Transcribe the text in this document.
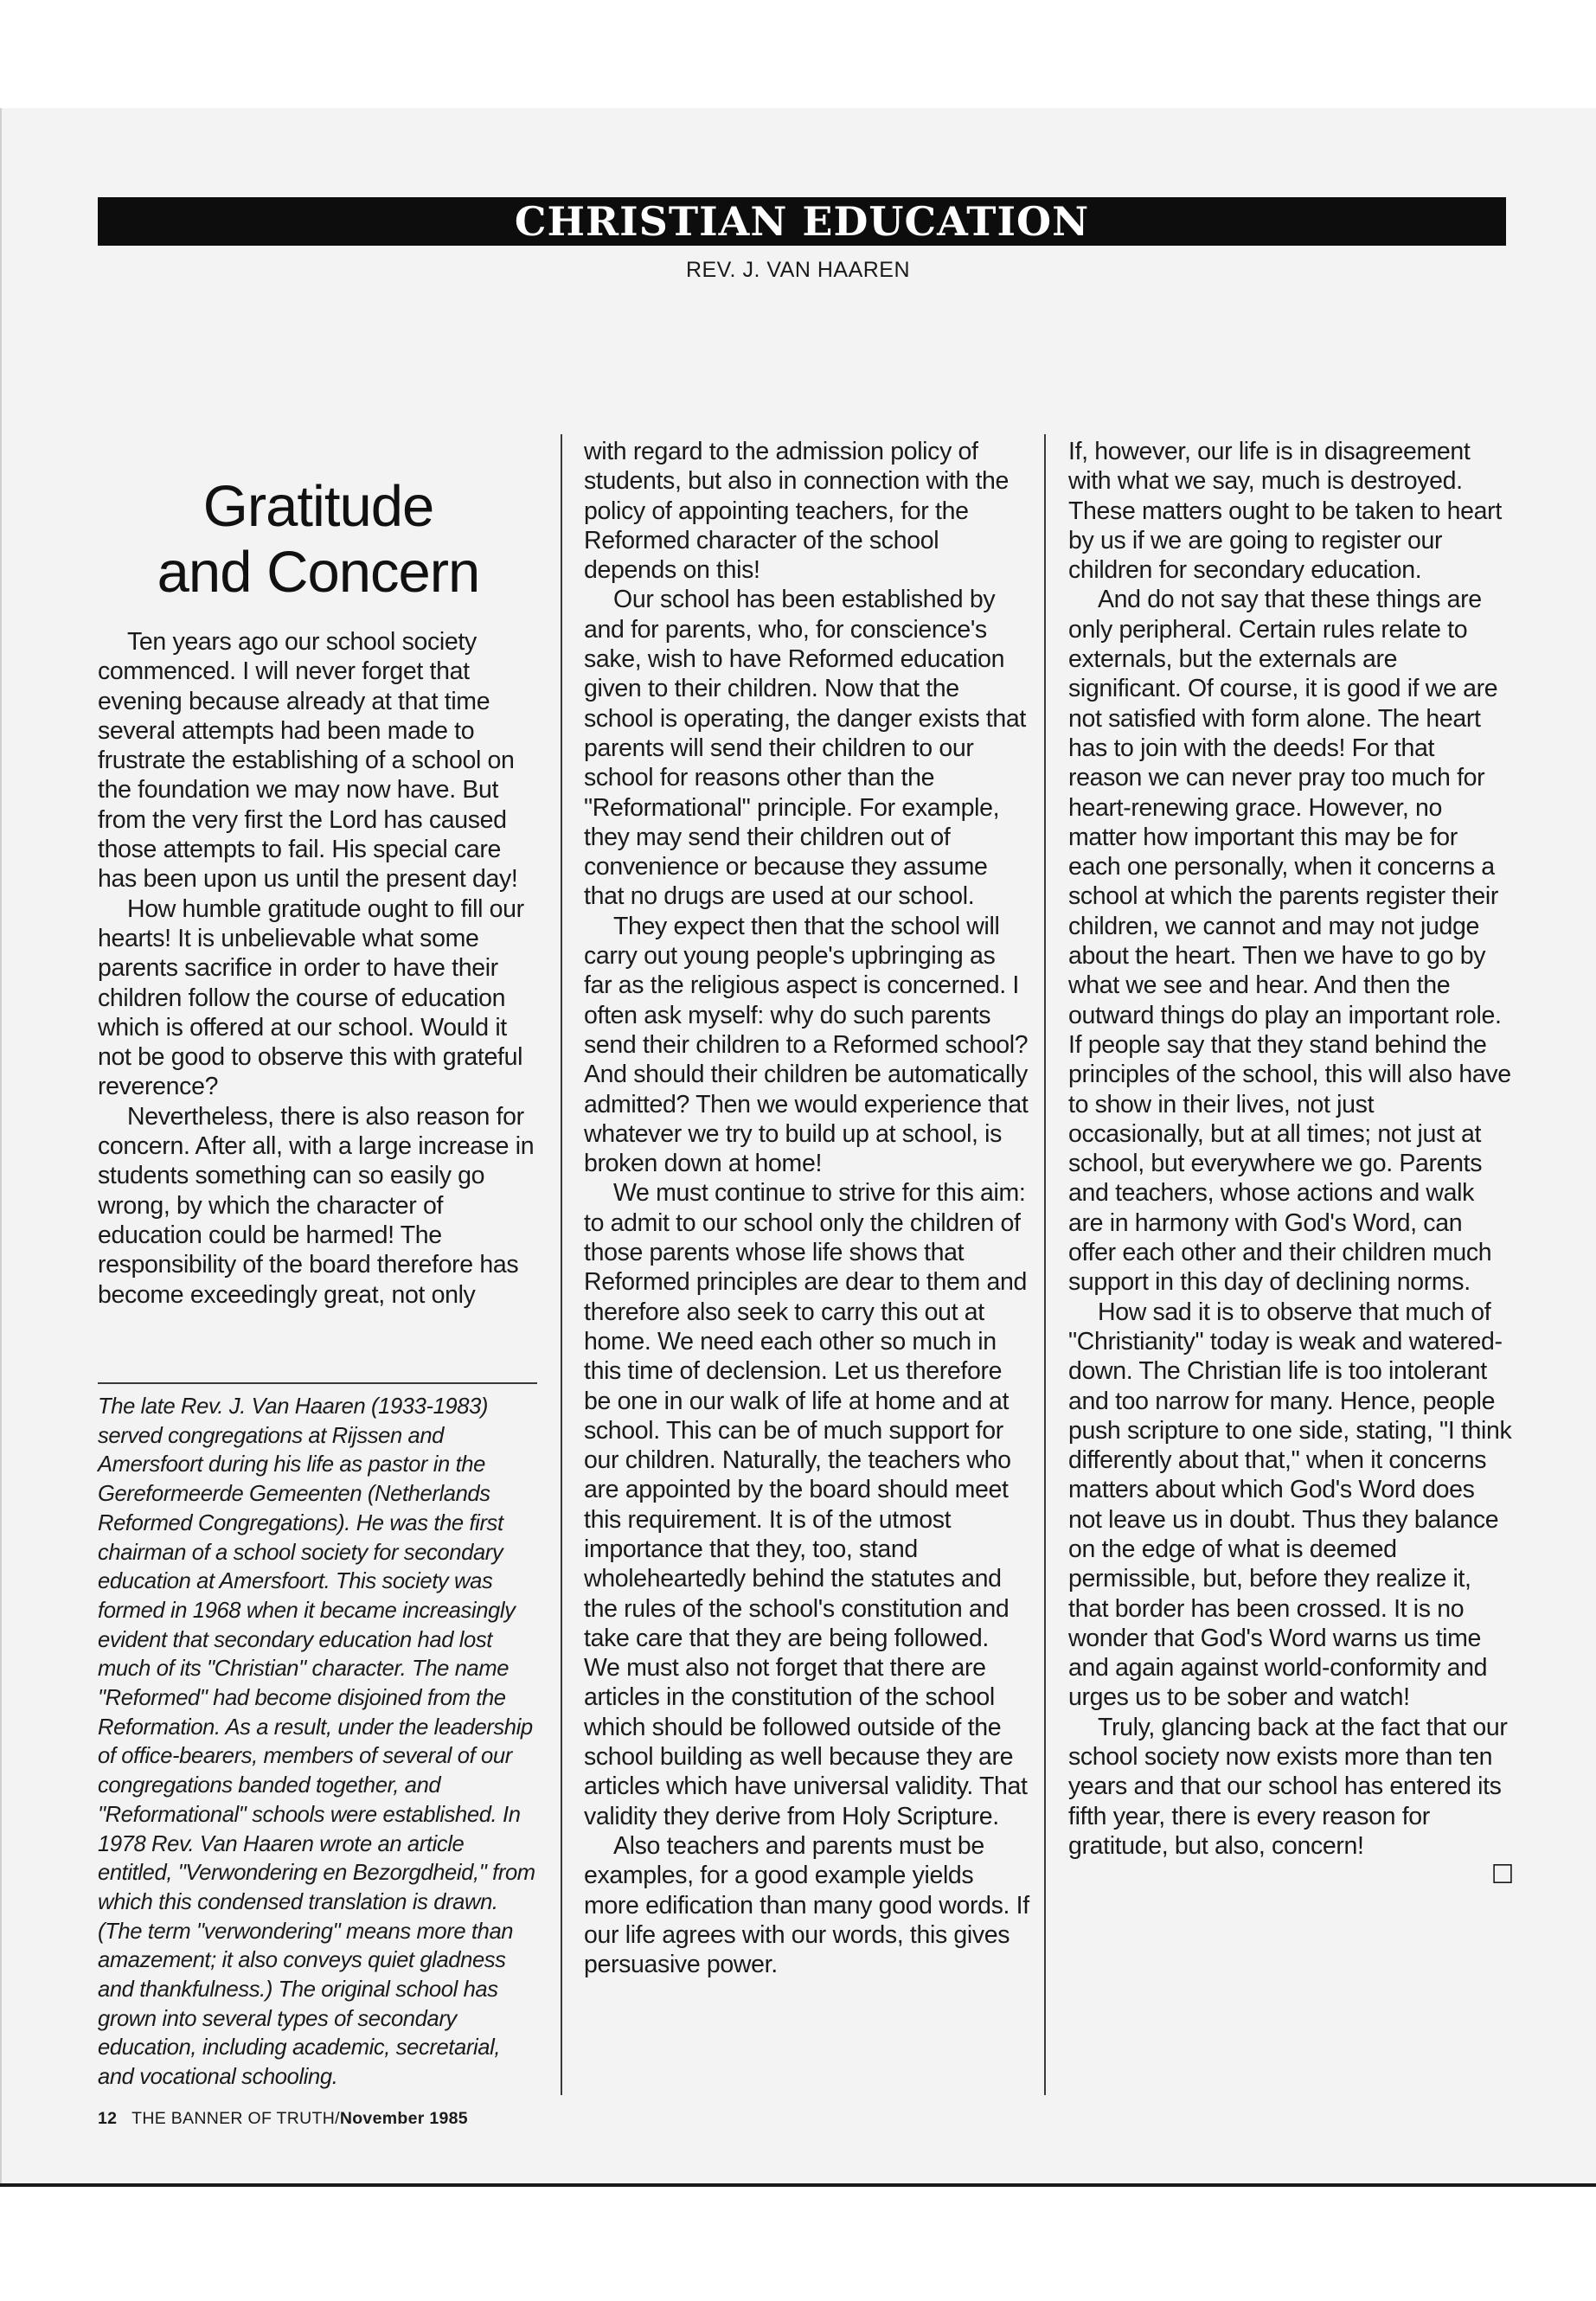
CHRISTIAN EDUCATION
REV. J. VAN HAAREN
Gratitude
and Concern

Ten years ago our school society commenced. I will never forget that evening because already at that time several attempts had been made to frustrate the establishing of a school on the foundation we may now have. But from the very first the Lord has caused those attempts to fail. His special care has been upon us until the present day!

How humble gratitude ought to fill our hearts! It is unbelievable what some parents sacrifice in order to have their children follow the course of education which is offered at our school. Would it not be good to observe this with grateful reverence?

Nevertheless, there is also reason for concern. After all, with a large increase in students something can so easily go wrong, by which the character of education could be harmed! The responsibility of the board therefore has become exceedingly great, not only

The late Rev. J. Van Haaren (1933-1983) served congregations at Rijssen and Amersfoort during his life as pastor in the Gereformeerde Gemeenten (Netherlands Reformed Congregations). He was the first chairman of a school society for secondary education at Amersfoort. This society was formed in 1968 when it became increasingly evident that secondary education had lost much of its "Christian" character. The name "Reformed" had become disjoined from the Reformation. As a result, under the leadership of office-bearers, members of several of our congregations banded together, and "Reformational" schools were established. In 1978 Rev. Van Haaren wrote an article entitled, "Verwondering en Bezorgdheid," from which this condensed translation is drawn. (The term "verwondering" means more than amazement; it also conveys quiet gladness and thankfulness.) The original school has grown into several types of secondary education, including academic, secretarial, and vocational schooling.

with regard to the admission policy of students, but also in connection with the policy of appointing teachers, for the Reformed character of the school depends on this!

Our school has been established by and for parents, who, for conscience's sake, wish to have Reformed education given to their children. Now that the school is operating, the danger exists that parents will send their children to our school for reasons other than the "Reformational" principle. For example, they may send their children out of convenience or because they assume that no drugs are used at our school.

They expect then that the school will carry out young people's upbringing as far as the religious aspect is concerned. I often ask myself: why do such parents send their children to a Reformed school? And should their children be automatically admitted? Then we would experience that whatever we try to build up at school, is broken down at home!

We must continue to strive for this aim: to admit to our school only the children of those parents whose life shows that Reformed principles are dear to them and therefore also seek to carry this out at home. We need each other so much in this time of declension. Let us therefore be one in our walk of life at home and at school. This can be of much support for our children. Naturally, the teachers who are appointed by the board should meet this requirement. It is of the utmost importance that they, too, stand wholeheartedly behind the statutes and the rules of the school's constitution and take care that they are being followed. We must also not forget that there are articles in the constitution of the school which should be followed outside of the school building as well because they are articles which have universal validity. That validity they derive from Holy Scripture.

Also teachers and parents must be examples, for a good example yields more edification than many good words. If our life agrees with our words, this gives persuasive power.

If, however, our life is in disagreement with what we say, much is destroyed. These matters ought to be taken to heart by us if we are going to register our children for secondary education.

And do not say that these things are only peripheral. Certain rules relate to externals, but the externals are significant. Of course, it is good if we are not satisfied with form alone. The heart has to join with the deeds! For that reason we can never pray too much for heart-renewing grace. However, no matter how important this may be for each one personally, when it concerns a school at which the parents register their children, we cannot and may not judge about the heart. Then we have to go by what we see and hear. And then the outward things do play an important role. If people say that they stand behind the principles of the school, this will also have to show in their lives, not just occasionally, but at all times; not just at school, but everywhere we go. Parents and teachers, whose actions and walk are in harmony with God's Word, can offer each other and their children much support in this day of declining norms.

How sad it is to observe that much of "Christianity" today is weak and watered-down. The Christian life is too intolerant and too narrow for many. Hence, people push scripture to one side, stating, "I think differently about that," when it concerns matters about which God's Word does not leave us in doubt. Thus they balance on the edge of what is deemed permissible, but, before they realize it, that border has been crossed. It is no wonder that God's Word warns us time and again against world-conformity and urges us to be sober and watch!

Truly, glancing back at the fact that our school society now exists more than ten years and that our school has entered its fifth year, there is every reason for gratitude, but also, concern!

☐
12 THE BANNER OF TRUTH/November 1985
